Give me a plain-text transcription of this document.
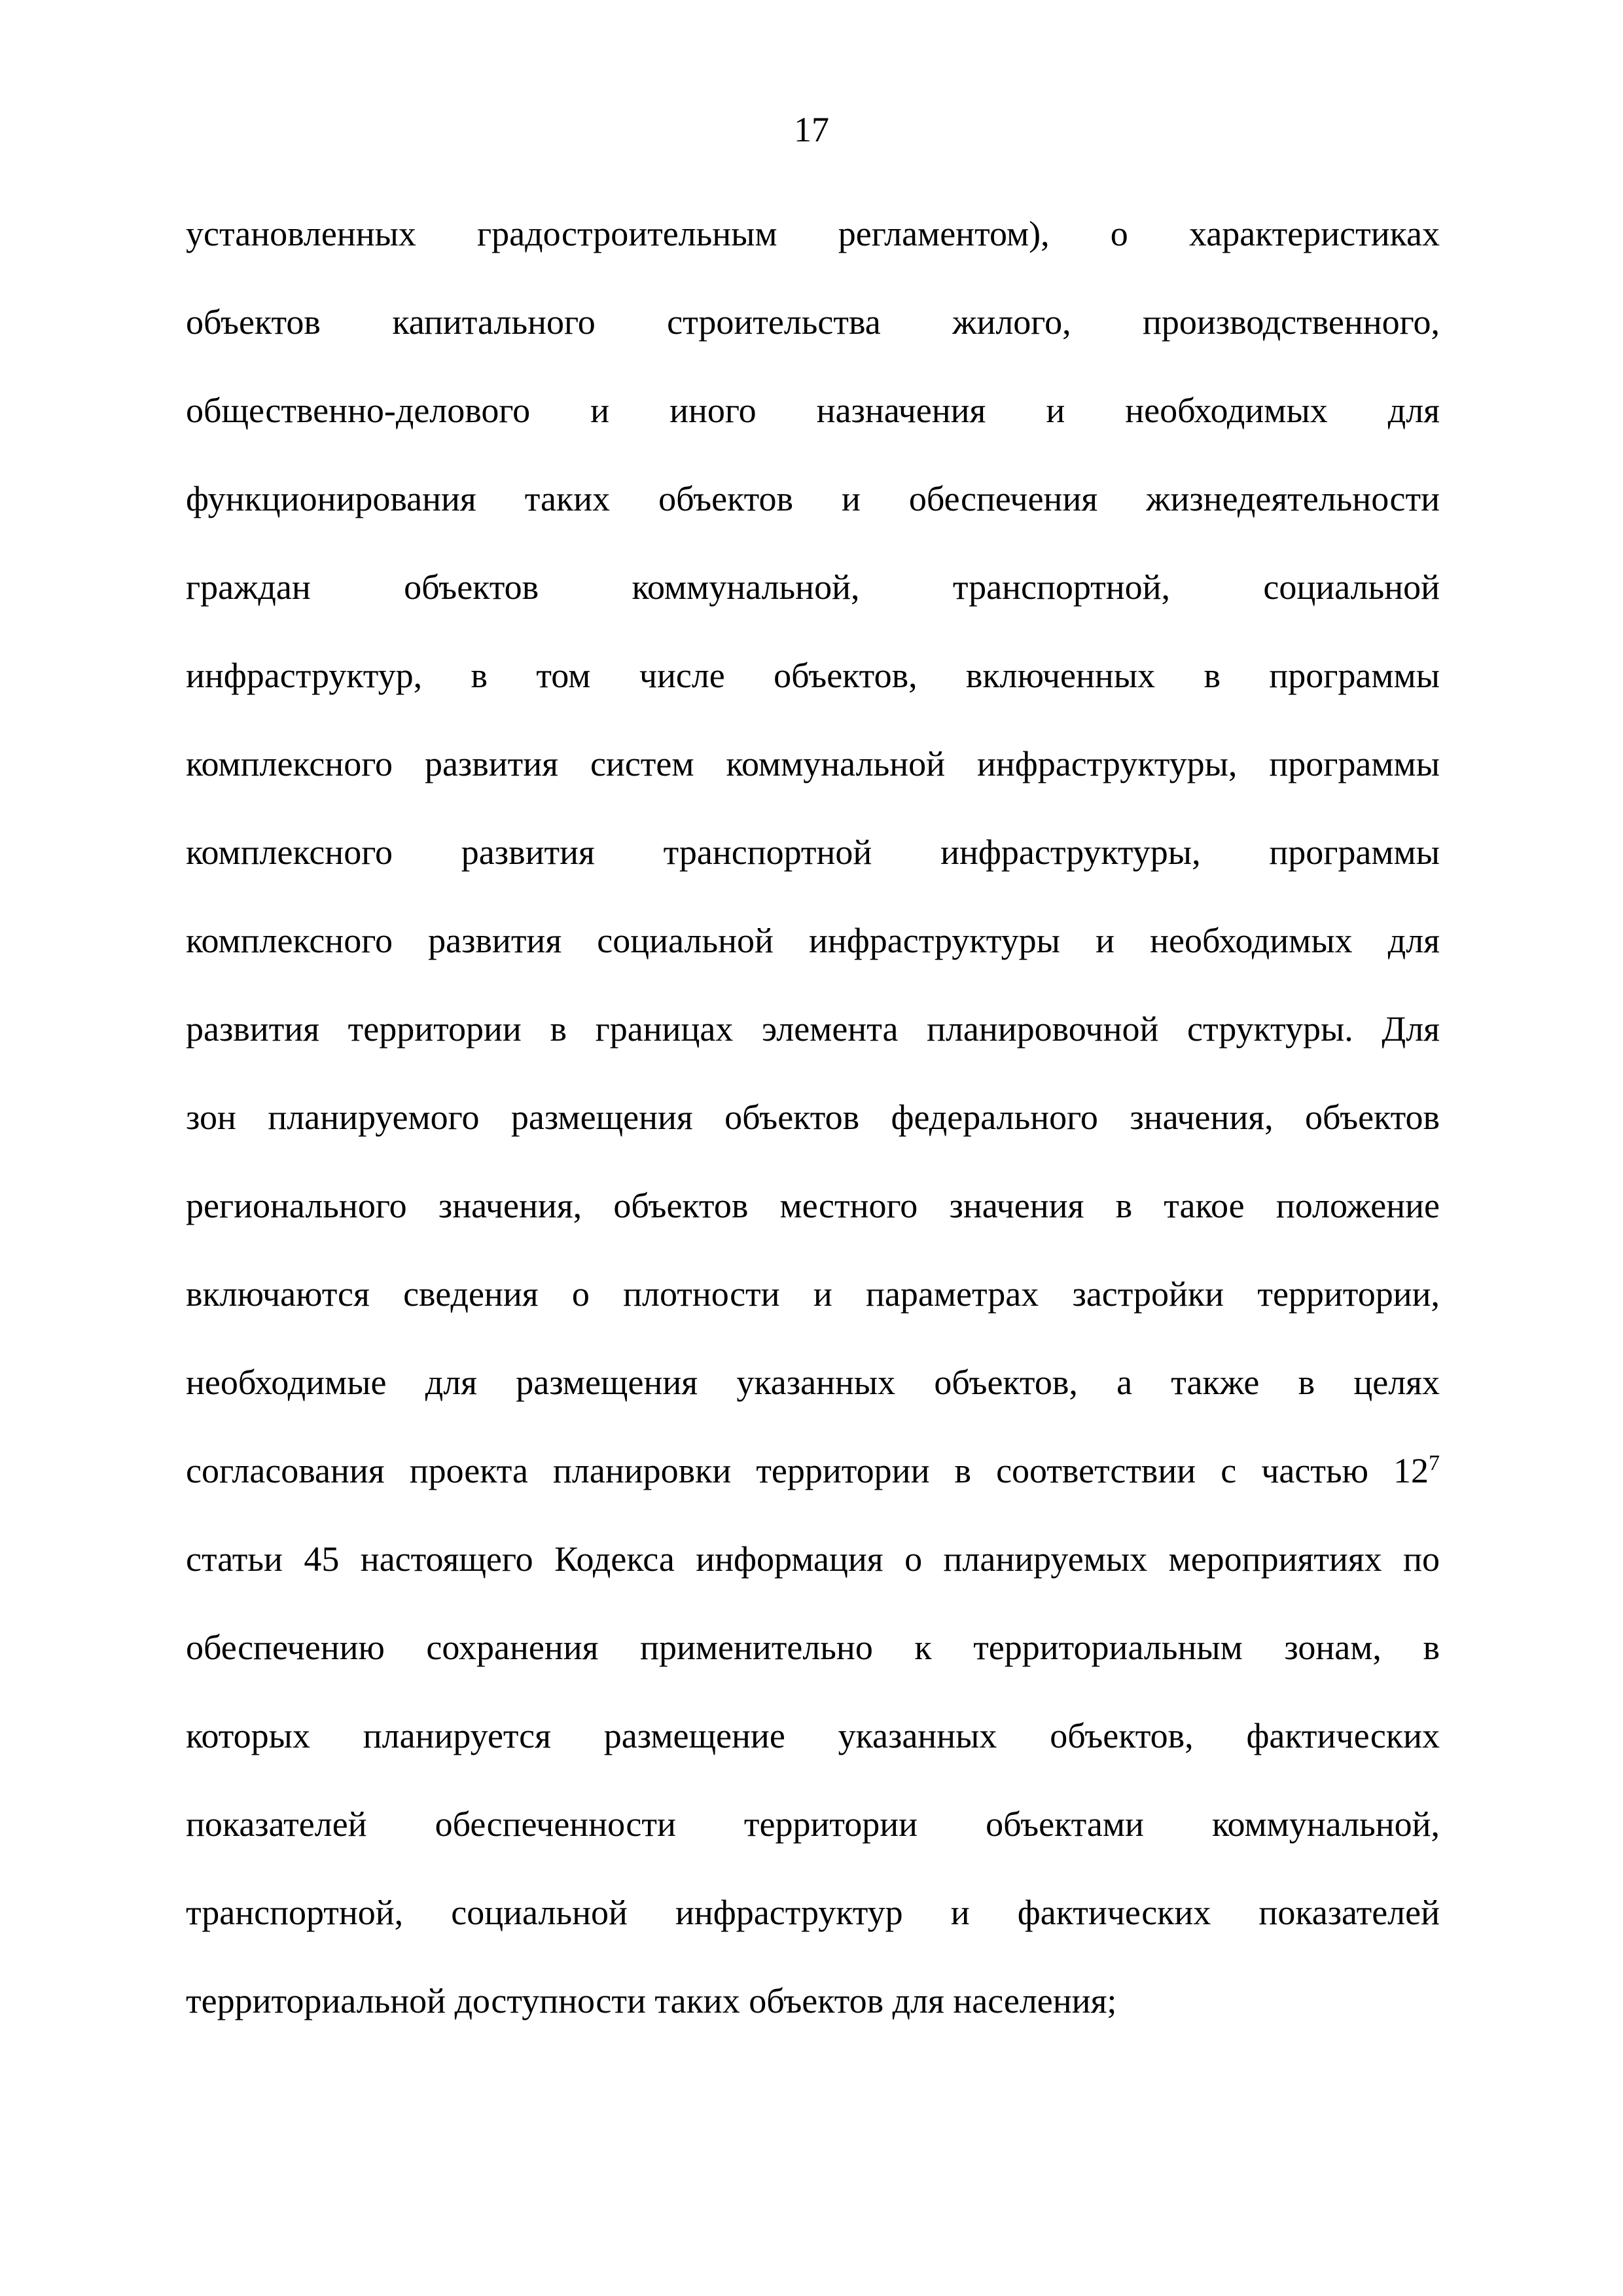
17
установленных градостроительным регламентом), о характеристиках
объектов капитального строительства жилого, производственного,
общественно-делового и иного назначения и необходимых для
функционирования таких объектов и обеспечения жизнедеятельности
граждан объектов коммунальной, транспортной, социальной
инфраструктур, в том числе объектов, включенных в программы
комплексного развития систем коммунальной инфраструктуры, программы
комплексного развития транспортной инфраструктуры, программы
комплексного развития социальной инфраструктуры и необходимых для
развития территории в границах элемента планировочной структуры. Для
зон планируемого размещения объектов федерального значения, объектов
регионального значения, объектов местного значения в такое положение
включаются сведения о плотности и параметрах застройки территории,
необходимые для размещения указанных объектов, а также в целях
согласования проекта планировки территории в соответствии с частью $12^7$
статьи 45 настоящего Кодекса информация о планируемых мероприятиях по
обеспечению сохранения применительно к территориальным зонам, в
которых планируется размещение указанных объектов, фактических
показателей обеспеченности территории объектами коммунальной,
транспортной, социальной инфраструктур и фактических показателей
территориальной доступности таких объектов для населения;
